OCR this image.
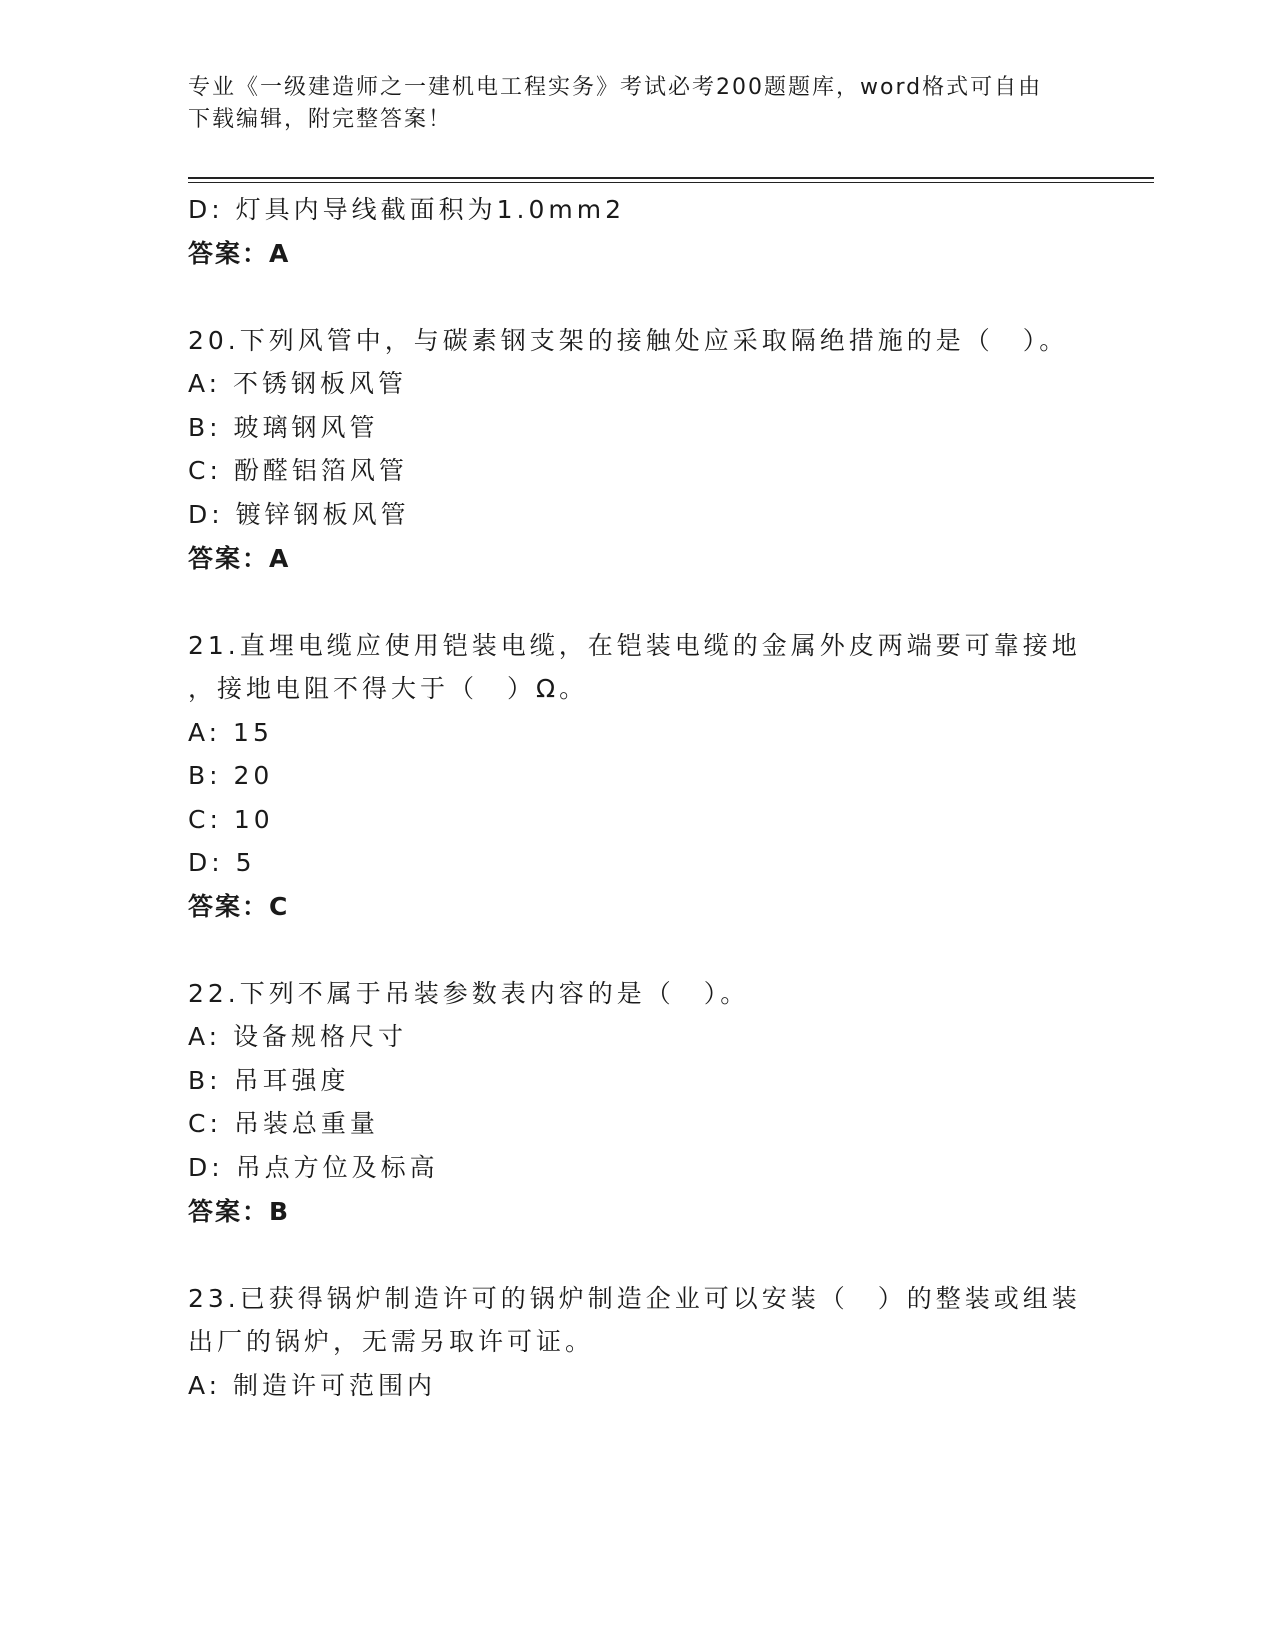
专业《一级建造师之一建机电工程实务》考试必考200题题库，word格式可自由

下载编辑，附完整答案！

D: 灯具内导线截面积为1.0mm2
答案：A
20.下列风管中，与碳素钢支架的接触处应采取隔绝措施的是（　）。
A: 不锈钢板风管
B: 玻璃钢风管
C: 酚醛铝箔风管
D: 镀锌钢板风管
答案：A
21.直埋电缆应使用铠装电缆，在铠装电缆的金属外皮两端要可靠接地
，接地电阻不得大于（　）Ω。
A: 15
B: 20
C: 10
D: 5
答案：C
22.下列不属于吊装参数表内容的是（　）。
A: 设备规格尺寸
B: 吊耳强度
C: 吊装总重量
D: 吊点方位及标高
答案：B
23.已获得锅炉制造许可的锅炉制造企业可以安装（　）的整装或组装
出厂的锅炉，无需另取许可证。
A: 制造许可范围内
